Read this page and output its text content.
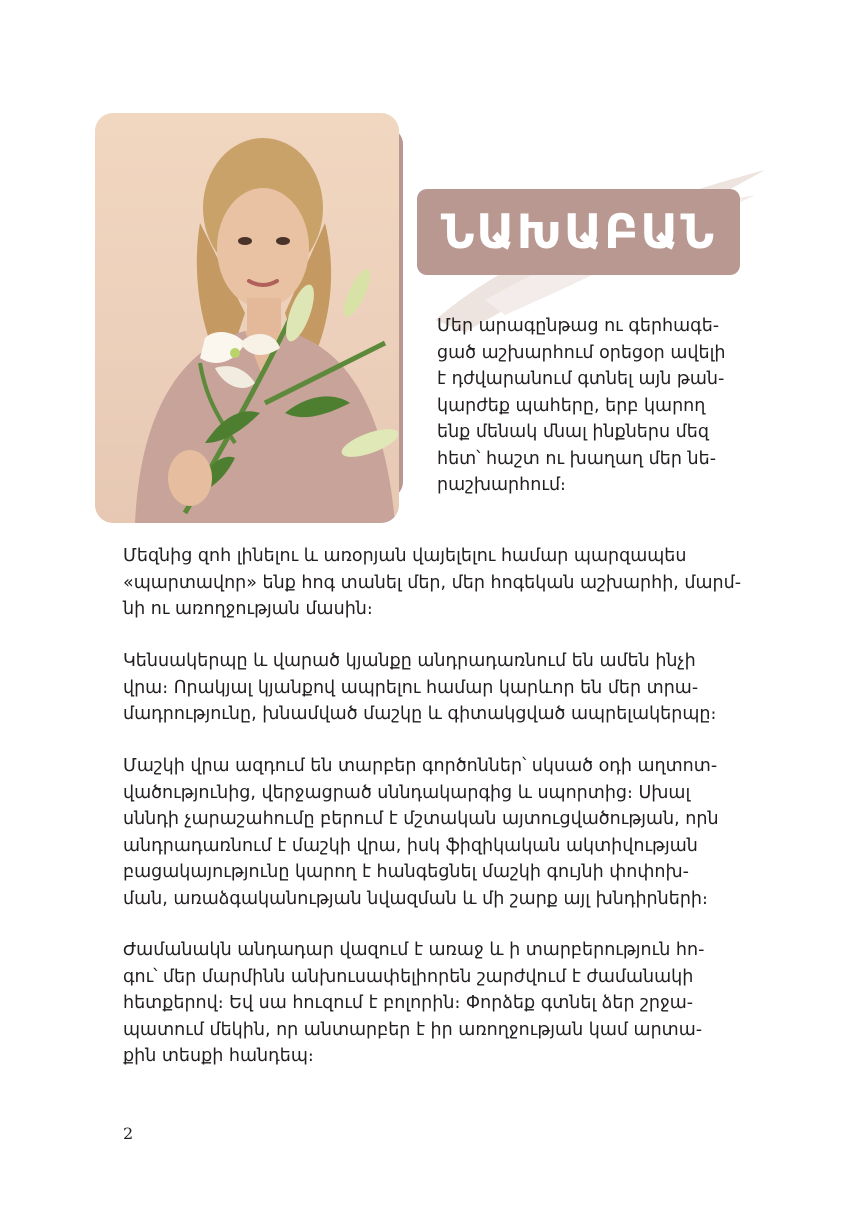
ՆԱԽԱԲԱՆ

Մեր արագընթաց ու գերհագե-
ցած աշխարհում օրեցօր ավելի
է դժվարանում գտնել այն թան-
կարժեք պահերը, երբ կարող
ենք մենակ մնալ ինքներս մեզ
հետ՝ հաշտ ու խաղաղ մեր նե-
րաշխարհում։

Մեզնից զոհ լինելու և առօրյան վայելելու համար պարզապես
«պարտավոր» ենք հոգ տանել մեր, մեր հոգեկան աշխարհի, մարմ-
նի ու առողջության մասին։

Կենսակերպը և վարած կյանքը անդրադառնում են ամեն ինչի
վրա։ Որակյալ կյանքով ապրելու համար կարևոր են մեր տրա-
մադրությունը, խնամված մաշկը և գիտակցված ապրելակերպը։

Մաշկի վրա ազդում են տարբեր գործոններ՝ սկսած օդի աղտոտ-
վածությունից, վերջացրած սննդակարգից և սպորտից։ Սխալ
սննդի չարաշահումը բերում է մշտական այտուցվածության, որն
անդրադառնում է մաշկի վրա, իսկ ֆիզիկական ակտիվության
բացակայությունը կարող է հանգեցնել մաշկի գույնի փոփոխ-
ման, առաձգականության նվազման և մի շարք այլ խնդիրների։

Ժամանակն անդադար վազում է առաջ և ի տարբերություն հո-
գու՝ մեր մարմինն անխուսափելիորեն շարժվում է ժամանակի
հետքերով։ Եվ սա հուզում է բոլորին։ Փորձեք գտնել ձեր շրջա-
պատում մեկին, որ անտարբեր է իր առողջության կամ արտա-
քին տեսքի հանդեպ։

2
